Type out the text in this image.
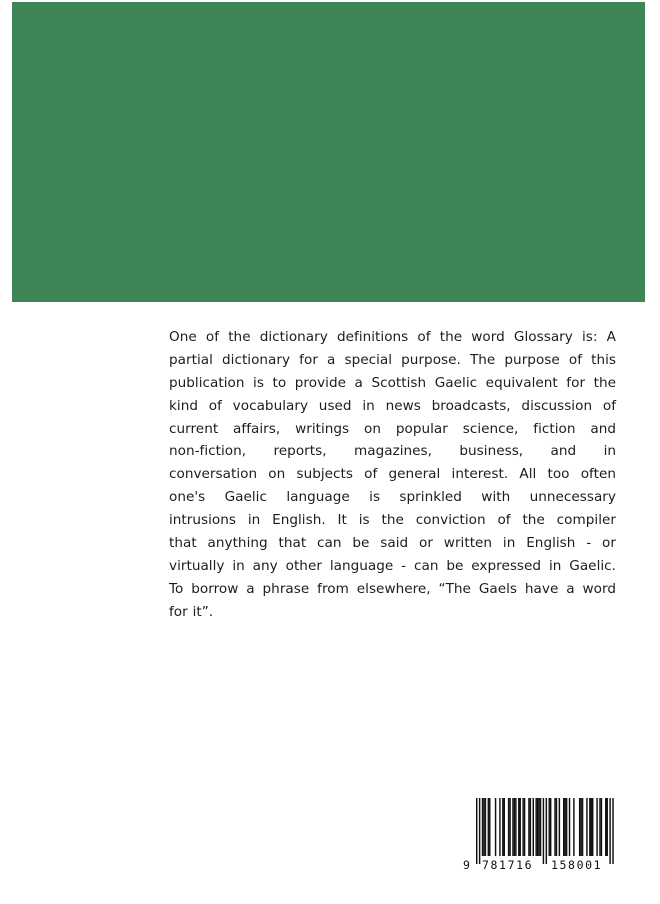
One of the dictionary definitions of the word Glossary is: A
partial dictionary for a special purpose. The purpose of this
publication is to provide a Scottish Gaelic equivalent for the
kind of vocabulary used in news broadcasts, discussion of
current affairs, writings on popular science, fiction and
non-fiction, reports, magazines, business, and in
conversation on subjects of general interest. All too often
one's Gaelic language is sprinkled with unnecessary
intrusions in English. It is the conviction of the compiler
that anything that can be said or written in English - or
virtually in any other language - can be expressed in Gaelic.
To borrow a phrase from elsewhere, “The Gaels have a word
for it”.
9 781716 158001
